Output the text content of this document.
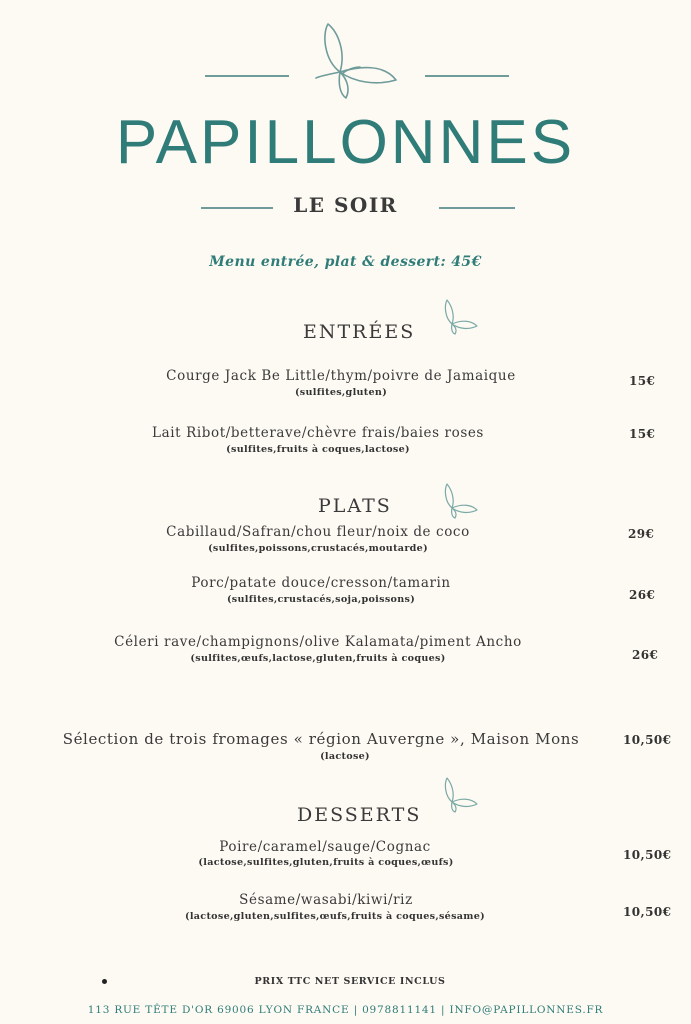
PAPILLONNES
LE SOIR
Menu entrée, plat & dessert: 45€
ENTRÉES
Courge Jack Be Little/thym/poivre de Jamaique
(sulfites,gluten)
15€
Lait Ribot/betterave/chèvre frais/baies roses
(sulfites,fruits à coques,lactose)
15€
PLATS
Cabillaud/Safran/chou fleur/noix de coco
(sulfites,poissons,crustacés,moutarde)
29€
Porc/patate douce/cresson/tamarin
(sulfites,crustacés,soja,poissons)	26€
Céleri rave/champignons/olive Kalamata/piment Ancho
(sulfites,œufs,lactose,gluten,fruits à coques)	26€
Sélection de trois fromages « région Auvergne », Maison Mons
(lactose)
10,50€
DESSERTS
Poire/caramel/sauge/Cognac
(lactose,sulfites,gluten,fruits à coques,œufs)
10,50€
Sésame/wasabi/kiwi/riz
(lactose,gluten,sulfites,œufs,fruits à coques,sésame)	10,50€
PRIX TTC NET SERVICE INCLUS
113 RUE TÊTE D'OR 69006 LYON FRANCE | 0978811141 | INFO@PAPILLONNES.FR
